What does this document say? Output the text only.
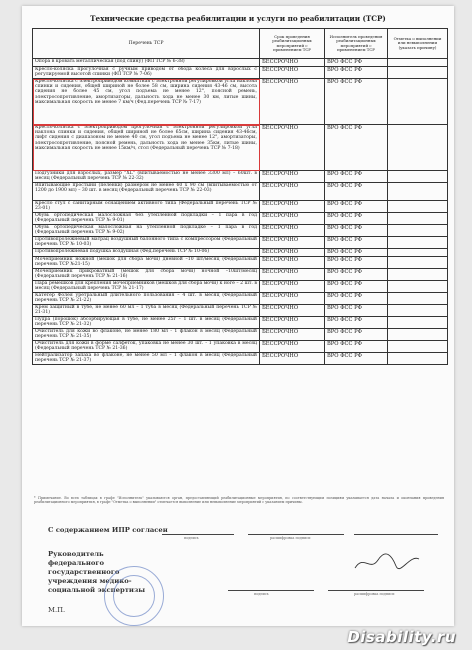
Технические средства реабилитации и услуги по реабилитации (ТСР)
Перечень ТСР	Срок проведения реабилитационных мероприятий с применением ТСР	Исполнитель проведения реабилитационных мероприятий с применением ТСР	Отметка о выполнении или невыполнении (указать причину)
Опора в кровать металлическая (под спину) (ФП ТСР № 6-38)	БЕССРОЧНО	ВРО ФСС РФ	
Кресло-коляска прогулочная с ручным приводом от обода колеса для взрослых с регулируемой высотой спинки (ФП ТСР № 7-06)	БЕССРОЧНО	ВРО ФСС РФ	
Кресло-коляска с электроприводом комнатная с электронной регулировкой угла наклона спинки и сидения, общей шириной не более 58 см, ширина сидения 43-46 см, высота сидения не более 45 см, угол подъема не менее 12°, поясной ремень, электросопротивление, амортизаторы, дальность хода не менее 30 км, литые шины, максимальная скорость не менее 7 км/ч (Фед.перечень ТСР № 7-17)	БЕССРОЧНО	ВРО ФСС РФ	
Кресло-коляска с электроприводом прогулочная с электронной регулировкой угла наклона спинки и сидения, общей шириной не более 65см, ширина сидения 43-46см, лифт сидения с диапазоном не менее 40 см, угол подъема не менее 12°, амортизаторы, электросопротивление, поясной ремень, дальность хода не менее 35км, литые шины, максимальная скорость не менее 15км/ч, стол (Федеральный перечень ТСР № 7-18)	БЕССРОЧНО	ВРО ФСС РФ	
Подгузники для взрослых, размер "XL" (впитываемостью не менее 3300 мл) – 60шт. в месяц (Федеральный перечень ТСР № 22-32)	БЕССРОЧНО	ВРО ФСС РФ	
Впитывающие простыни (пеленки) размером не менее 60 х 90 см (впитываемостью от 1200 до 1900 мл) – 30 шт. в месяц (Федеральный перечень ТСР № 22-03)	БЕССРОЧНО	ВРО ФСС РФ	
Кресло стул с санитарным оснащением активного типа (Федеральный перечень ТСР № 23-01)	БЕССРОЧНО	ВРО ФСС РФ	
Обувь ортопедическая малосложная без утепленной подкладки – 1 пара в год (Федеральный перечень ТСР № 9-01)	БЕССРОЧНО	ВРО ФСС РФ	
Обувь ортопедическая малосложная на утепленной подкладке – 1 пара в год (Федеральный перечень ТСР № 9-02)	БЕССРОЧНО	ВРО ФСС РФ	
Противопролежневый матрац воздушный балонного типа с компрессором (Федеральный перечень ТСР № 10-03)	БЕССРОЧНО	ВРО ФСС РФ	
Противопролежневая подушка воздушная (Фед.перечень ТСР № 10-06)	БЕССРОЧНО	ВРО ФСС РФ	
Мочеприемник ножной (мешок для сбора мочи) дневной –10 шт/месяц (Федеральный перечень ТСР №21-15)	БЕССРОЧНО	ВРО ФСС РФ	
Мочеприемник прикроватный (мешок для сбора мочи) ночной –10шт/месяц (Федеральный перечень ТСР № 21-16)	БЕССРОЧНО	ВРО ФСС РФ	
Пара ремешков для крепления мочеприемников (мешков для сбора мочи) к ноге – 2 шт. в месяц (Федеральный перечень ТСР № 21-17)	БЕССРОЧНО	ВРО ФСС РФ	
Катетер Фолея уретральный длительного пользования – 4 шт. в месяц (Федеральный перечень ТСР № 21-22)	БЕССРОЧНО	ВРО ФСС РФ	
Крем защитный в тубе, не менее 60 мл – 1 туба в месяц (Федеральный перечень ТСР № 21-31)	БЕССРОЧНО	ВРО ФСС РФ	
Пудра (порошок) абсорбирующая в тубе, не менее 25г – 1 шт. в месяц (Федеральный перечень ТСР № 21-32)	БЕССРОЧНО	ВРО ФСС РФ	
Очиститель для кожи во флаконе, не менее 180 мл - 1 флакон в месяц (Федеральный перечень ТСР № 21-35)	БЕССРОЧНО	ВРО ФСС РФ	
Очиститель для кожи в форме салфеток, упаковка не менее 30 шт. - 1 упаковка в месяц (Федеральный перечень ТСР № 21-36)	БЕССРОЧНО	ВРО ФСС РФ	
Нейтрализатор запаха во флаконе, не менее 50 мл – 1 флакон в месяц (Федеральный перечень ТСР № 21-37)	БЕССРОЧНО	ВРО ФСС РФ	
* Примечание. Во всех таблицах в графе "Исполнитель" указываются орган, предоставляющий реабилитационные мероприятия, по соответствующим позициям указывается дата начала и окончания проведения реабилитационного мероприятия, в графе "Отметка о выполнении" отмечается выполнение или невыполнение мероприятий с указанием причины.
С содержанием ИПР согласен
подпись	расшифровка подписи
Руководитель федерального государственного учреждения медико-социальной экспертизы	подпись	расшифровка подписи
М.П.
Disability.ru
